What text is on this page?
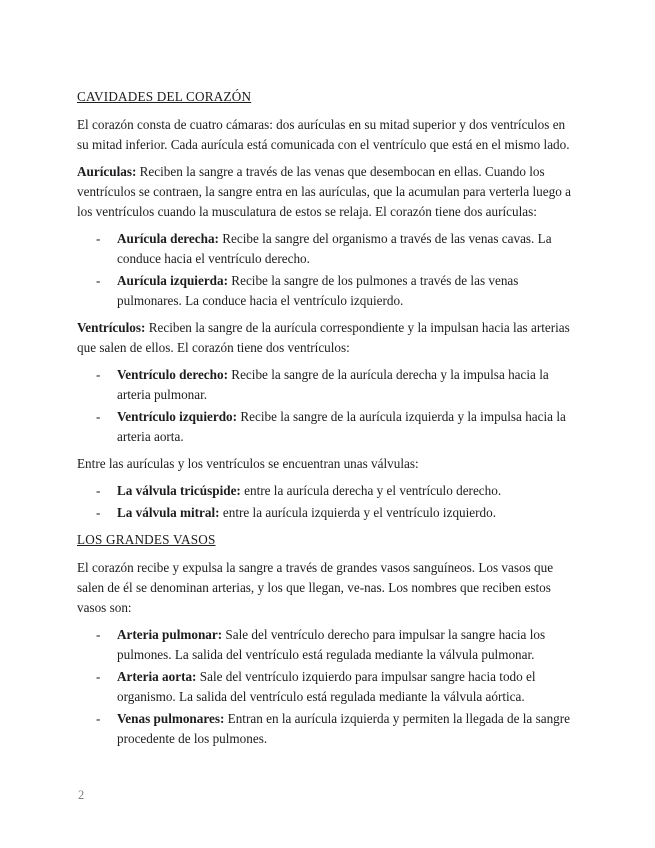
CAVIDADES DEL CORAZÓN

El corazón consta de cuatro cámaras: dos aurículas en su mitad superior y dos ventrículos en su mitad inferior. Cada aurícula está comunicada con el ventrículo que está en el mismo lado.

Aurículas: Reciben la sangre a través de las venas que desembocan en ellas. Cuando los ventrículos se contraen, la sangre entra en las aurículas, que la acumulan para verterla luego a los ventrículos cuando la musculatura de estos se relaja. El corazón tiene dos aurículas:

-	Aurícula derecha: Recibe la sangre del organismo a través de las venas cavas. La conduce hacia el ventrículo derecho.
-	Aurícula izquierda: Recibe la sangre de los pulmones a través de las venas pulmonares. La conduce hacia el ventrículo izquierdo.

Ventrículos: Reciben la sangre de la aurícula correspondiente y la impulsan hacia las arterias que salen de ellos. El corazón tiene dos ventrículos:

-	Ventrículo derecho: Recibe la sangre de la aurícula derecha y la impulsa hacia la arteria pulmonar.
-	Ventrículo izquierdo: Recibe la sangre de la aurícula izquierda y la impulsa hacia la arteria aorta.

Entre las aurículas y los ventrículos se encuentran unas válvulas:

-	La válvula tricúspide: entre la aurícula derecha y el ventrículo derecho.
-	La válvula mitral: entre la aurícula izquierda y el ventrículo izquierdo.
LOS GRANDES VASOS

El corazón recibe y expulsa la sangre a través de grandes vasos sanguíneos. Los vasos que salen de él se denominan arterias, y los que llegan, ve-nas. Los nombres que reciben estos vasos son:

-	Arteria pulmonar: Sale del ventrículo derecho para impulsar la sangre hacia los pulmones. La salida del ventrículo está regulada mediante la válvula pulmonar.
-	Arteria aorta: Sale del ventrículo izquierdo para impulsar sangre hacia todo el organismo. La salida del ventrículo está regulada mediante la válvula aórtica.
-	Venas pulmonares: Entran en la aurícula izquierda y permiten la llegada de la sangre procedente de los pulmones.
2
